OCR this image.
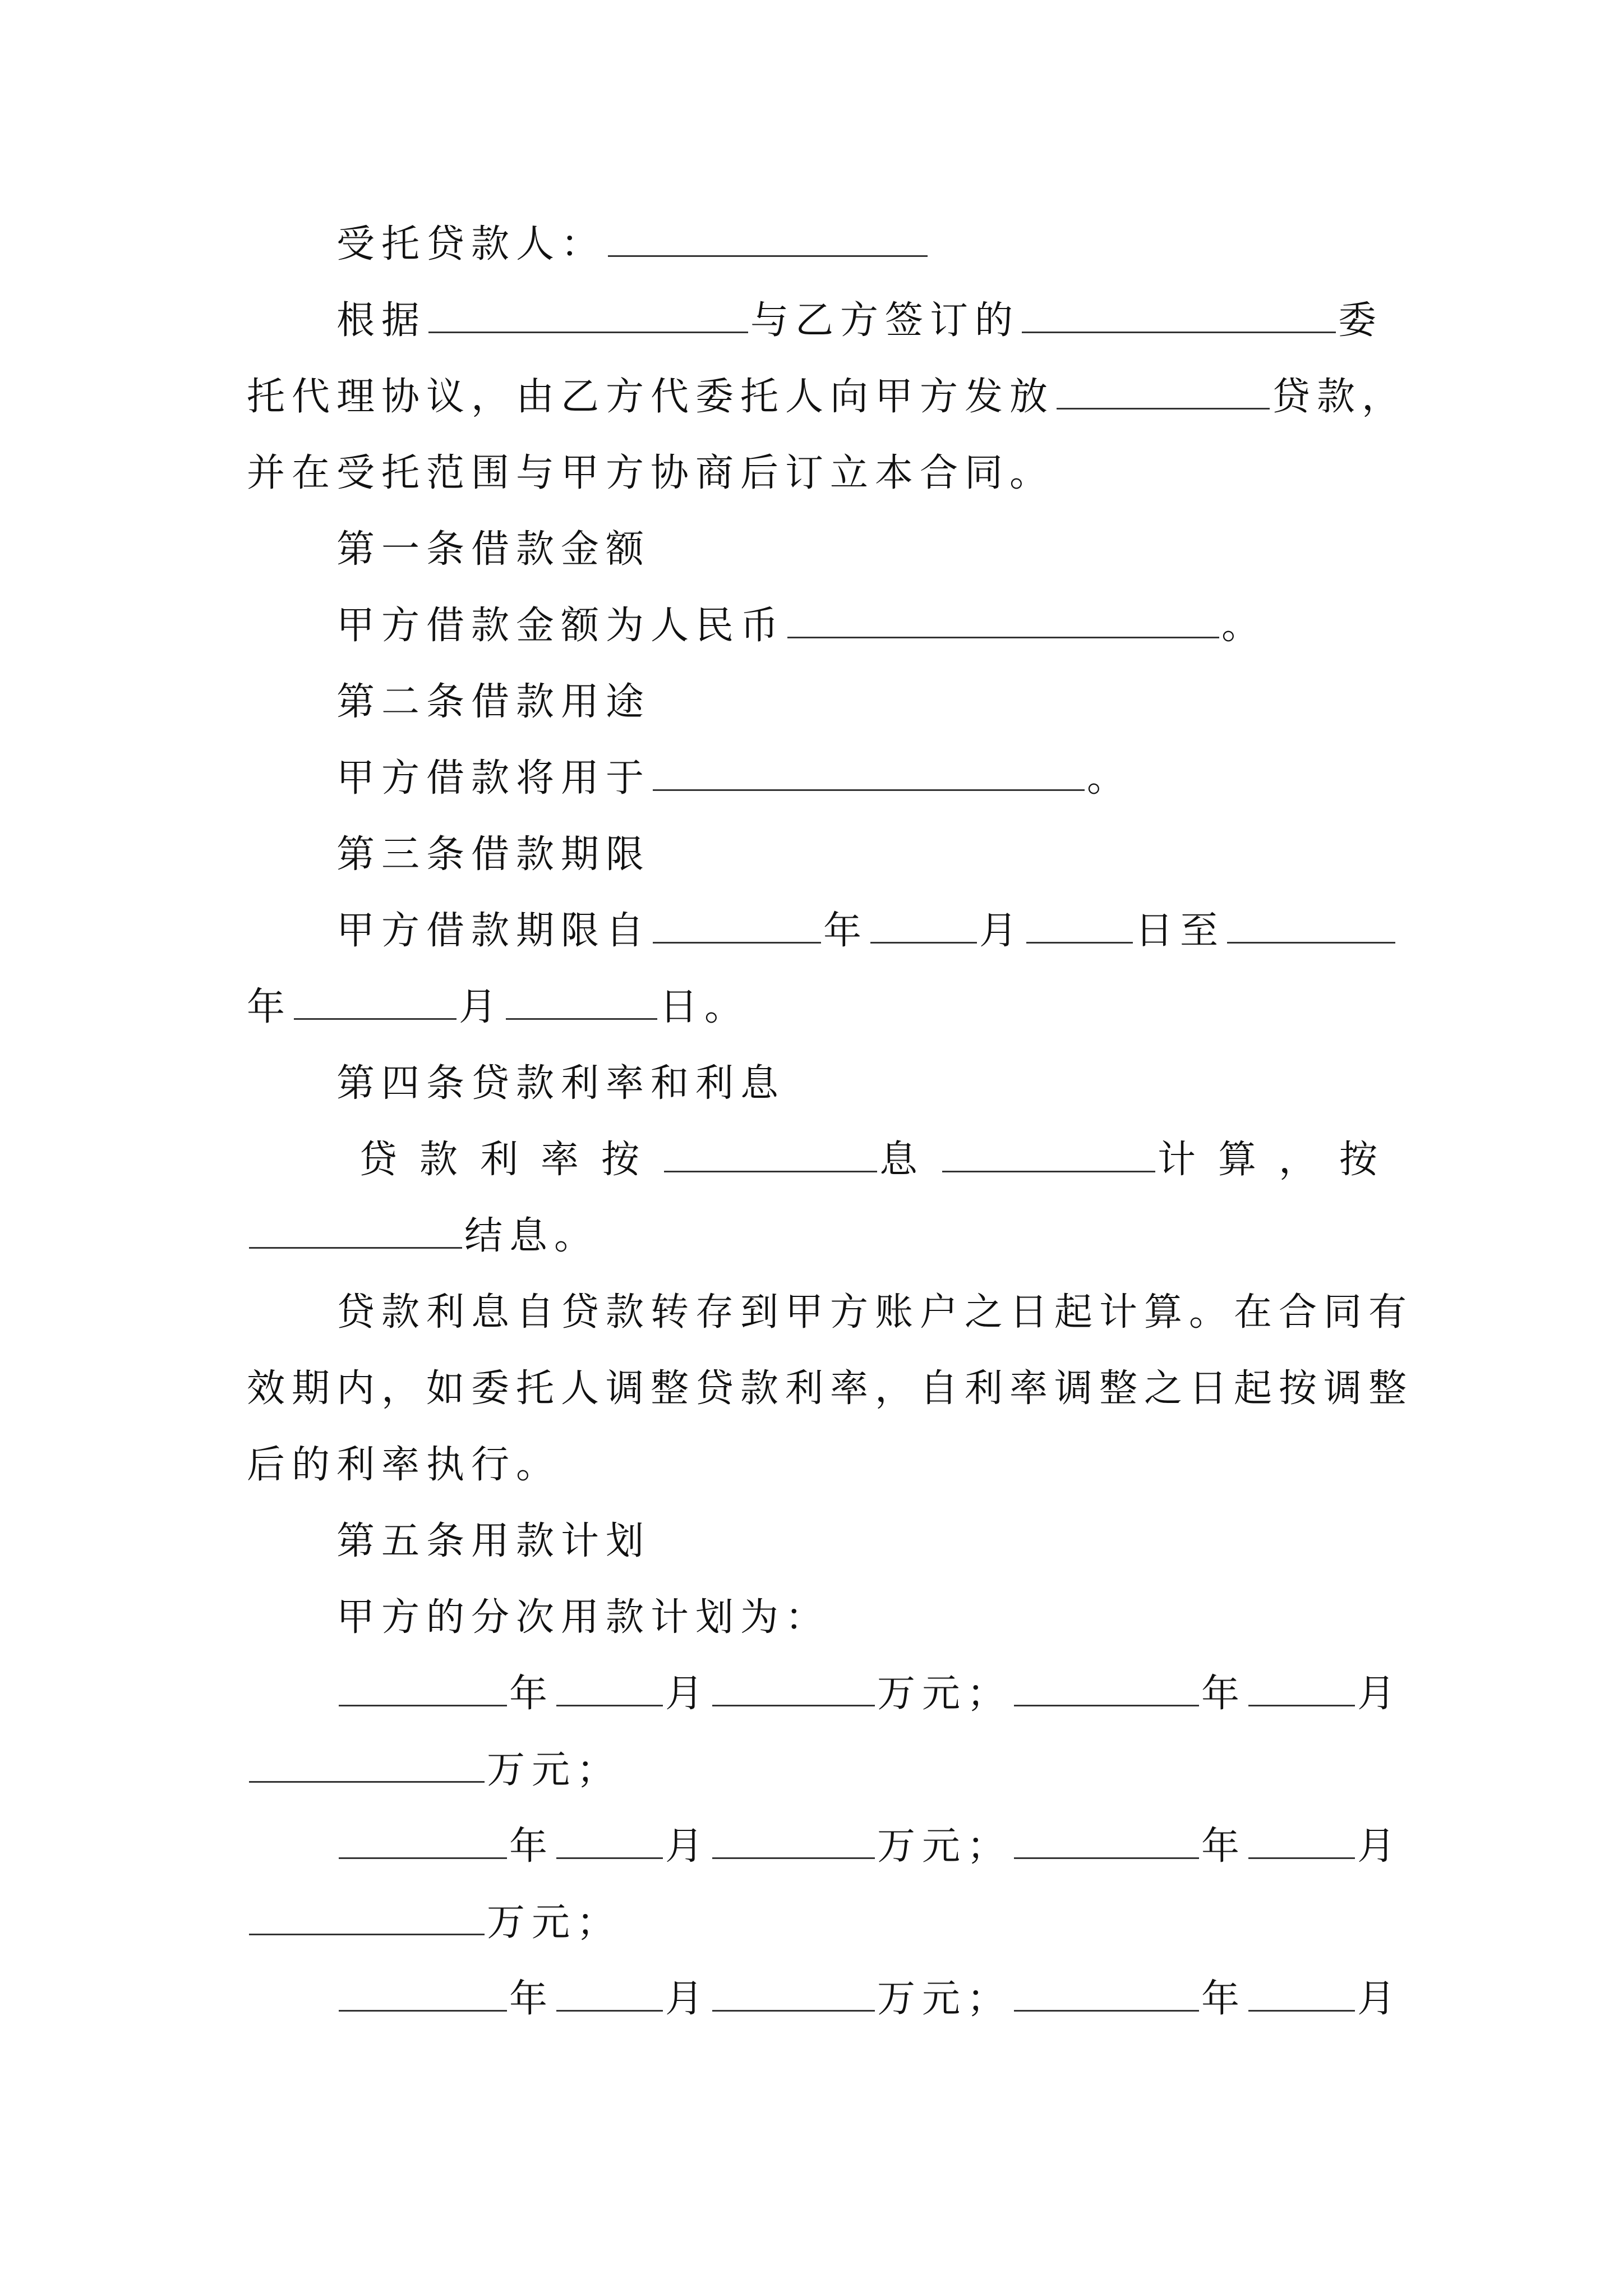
受托贷款人：
根据	与乙方签订的	委
托代理协议，由乙方代委托人向甲方发放	贷款，
并在受托范围与甲方协商后订立本合同。
第一条借款金额
甲方借款金额为人民币	。
第二条借款用途
甲方借款将用于	。
第三条借款期限
甲方借款期限自	年	月	日至
年	月	日。
第四条贷款利率和利息
贷款利率按	息	计算，按
结息。
贷款利息自贷款转存到甲方账户之日起计算。在合同有
效期内，如委托人调整贷款利率，自利率调整之日起按调整
后的利率执行。
第五条用款计划
甲方的分次用款计划为：
年	月	万元；	年	月
万元；
年	月	万元；	年	月
万元；
年	月	万元；	年	月
